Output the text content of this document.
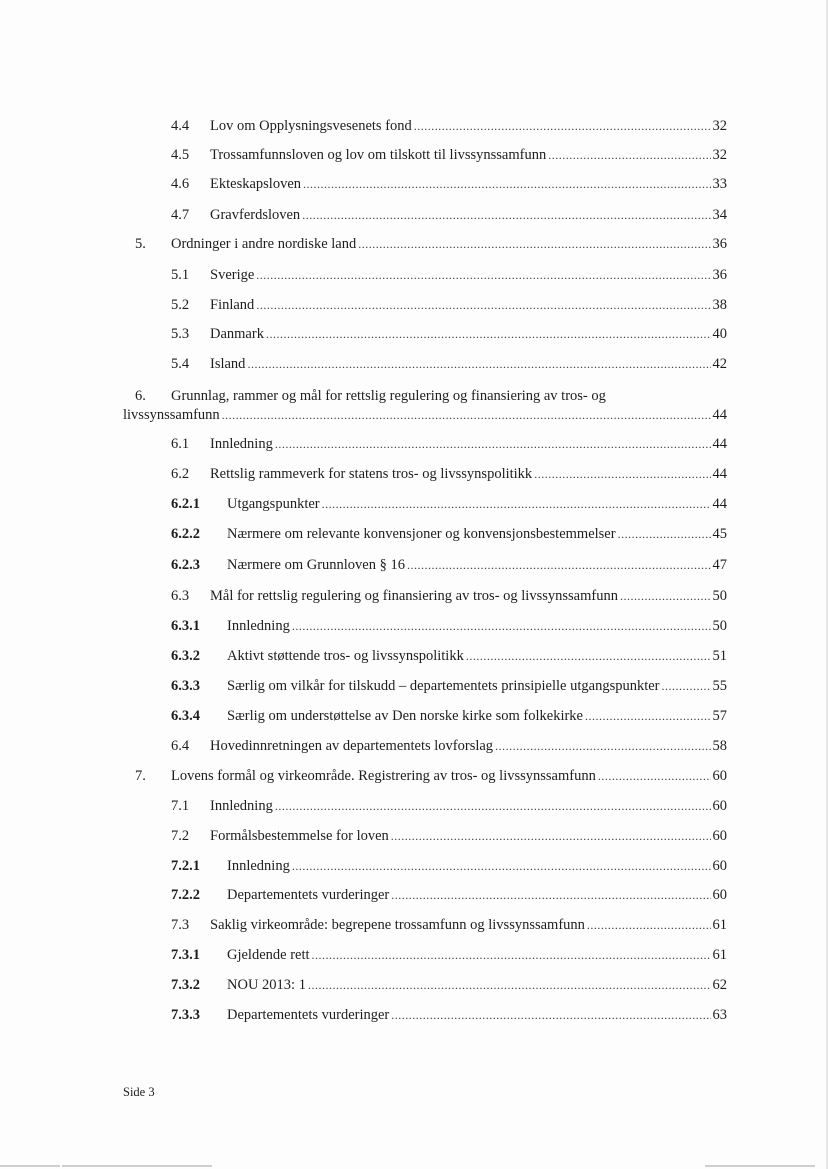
4.4	Lov om Opplysningsvesenets fond .....	32
4.5	Trossamfunnsloven og lov om tilskott til livssynssamfunn .....	32
4.6	Ekteskapsloven .....	33
4.7	Gravferdsloven .....	34
5.	Ordninger i andre nordiske land .....	36
5.1	Sverige .....	36
5.2	Finland .....	38
5.3	Danmark .....	40
5.4	Island .....	42
6. Grunnlag, rammer og mål for rettslig regulering og finansiering av tros- og
livssynssamfunn .....	44
6.1	Innledning .....	44
6.2	Rettslig rammeverk for statens tros- og livssynspolitikk .....	44
6.2.1	Utgangspunkter .....	44
6.2.2	Nærmere om relevante konvensjoner og konvensjonsbestemmelser .....	45
6.2.3	Nærmere om Grunnloven § 16 .....	47
6.3	Mål for rettslig regulering og finansiering av tros- og livssynssamfunn .....	50
6.3.1	Innledning .....	50
6.3.2	Aktivt støttende tros- og livssynspolitikk .....	51
6.3.3	Særlig om vilkår for tilskudd – departementets prinsipielle utgangspunkter .....	55
6.3.4	Særlig om understøttelse av Den norske kirke som folkekirke .....	57
6.4	Hovedinnretningen av departementets lovforslag .....	58
7.	Lovens formål og virkeområde. Registrering av tros- og livssynssamfunn .....	60
7.1	Innledning .....	60
7.2	Formålsbestemmelse for loven .....	60
7.2.1	Innledning .....	60
7.2.2	Departementets vurderinger .....	60
7.3	Saklig virkeområde: begrepene trossamfunn og livssynssamfunn .....	61
7.3.1	Gjeldende rett .....	61
7.3.2	NOU 2013: 1 .....	62
7.3.3	Departementets vurderinger .....	63
Side 3
